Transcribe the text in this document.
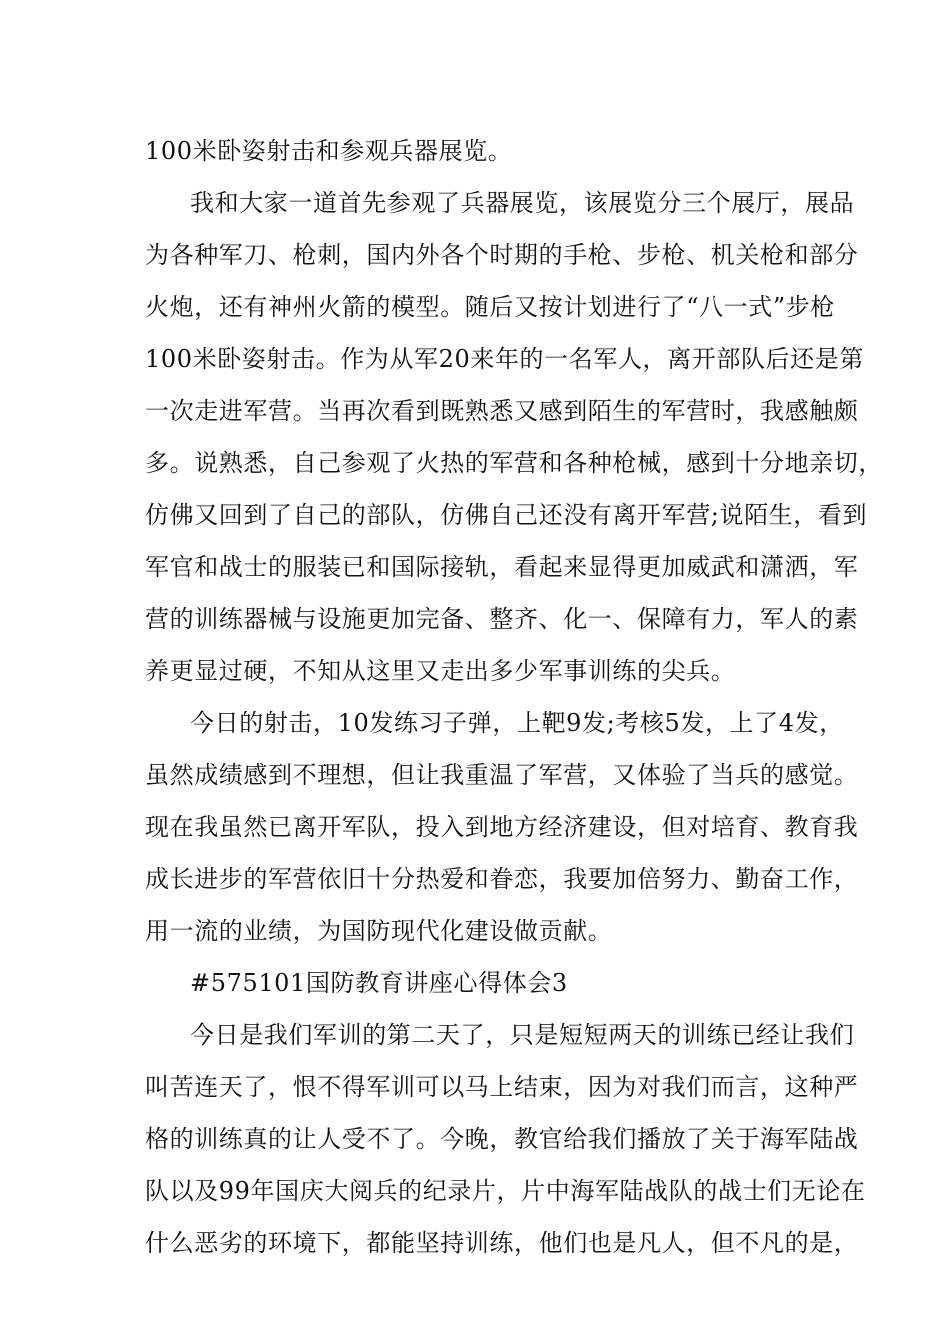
100米卧姿射击和参观兵器展览。
我和大家一道首先参观了兵器展览，该展览分三个展厅，展品
为各种军刀、枪刺，国内外各个时期的手枪、步枪、机关枪和部分
火炮，还有神州火箭的模型。随后又按计划进行了“八一式”步枪
100米卧姿射击。作为从军20来年的一名军人，离开部队后还是第
一次走进军营。当再次看到既熟悉又感到陌生的军营时，我感触颇
多。说熟悉，自己参观了火热的军营和各种枪械，感到十分地亲切，
仿佛又回到了自己的部队，仿佛自己还没有离开军营;说陌生，看到
军官和战士的服装已和国际接轨，看起来显得更加威武和潇洒，军
营的训练器械与设施更加完备、整齐、化一、保障有力，军人的素
养更显过硬，不知从这里又走出多少军事训练的尖兵。
今日的射击，10发练习子弹，上靶9发;考核5发，上了4发，
虽然成绩感到不理想，但让我重温了军营，又体验了当兵的感觉。
现在我虽然已离开军队，投入到地方经济建设，但对培育、教育我
成长进步的军营依旧十分热爱和眷恋，我要加倍努力、勤奋工作，
用一流的业绩，为国防现代化建设做贡献。
#575101国防教育讲座心得体会3
今日是我们军训的第二天了，只是短短两天的训练已经让我们
叫苦连天了，恨不得军训可以马上结束，因为对我们而言，这种严
格的训练真的让人受不了。今晚，教官给我们播放了关于海军陆战
队以及99年国庆大阅兵的纪录片，片中海军陆战队的战士们无论在
什么恶劣的环境下，都能坚持训练，他们也是凡人，但不凡的是，
